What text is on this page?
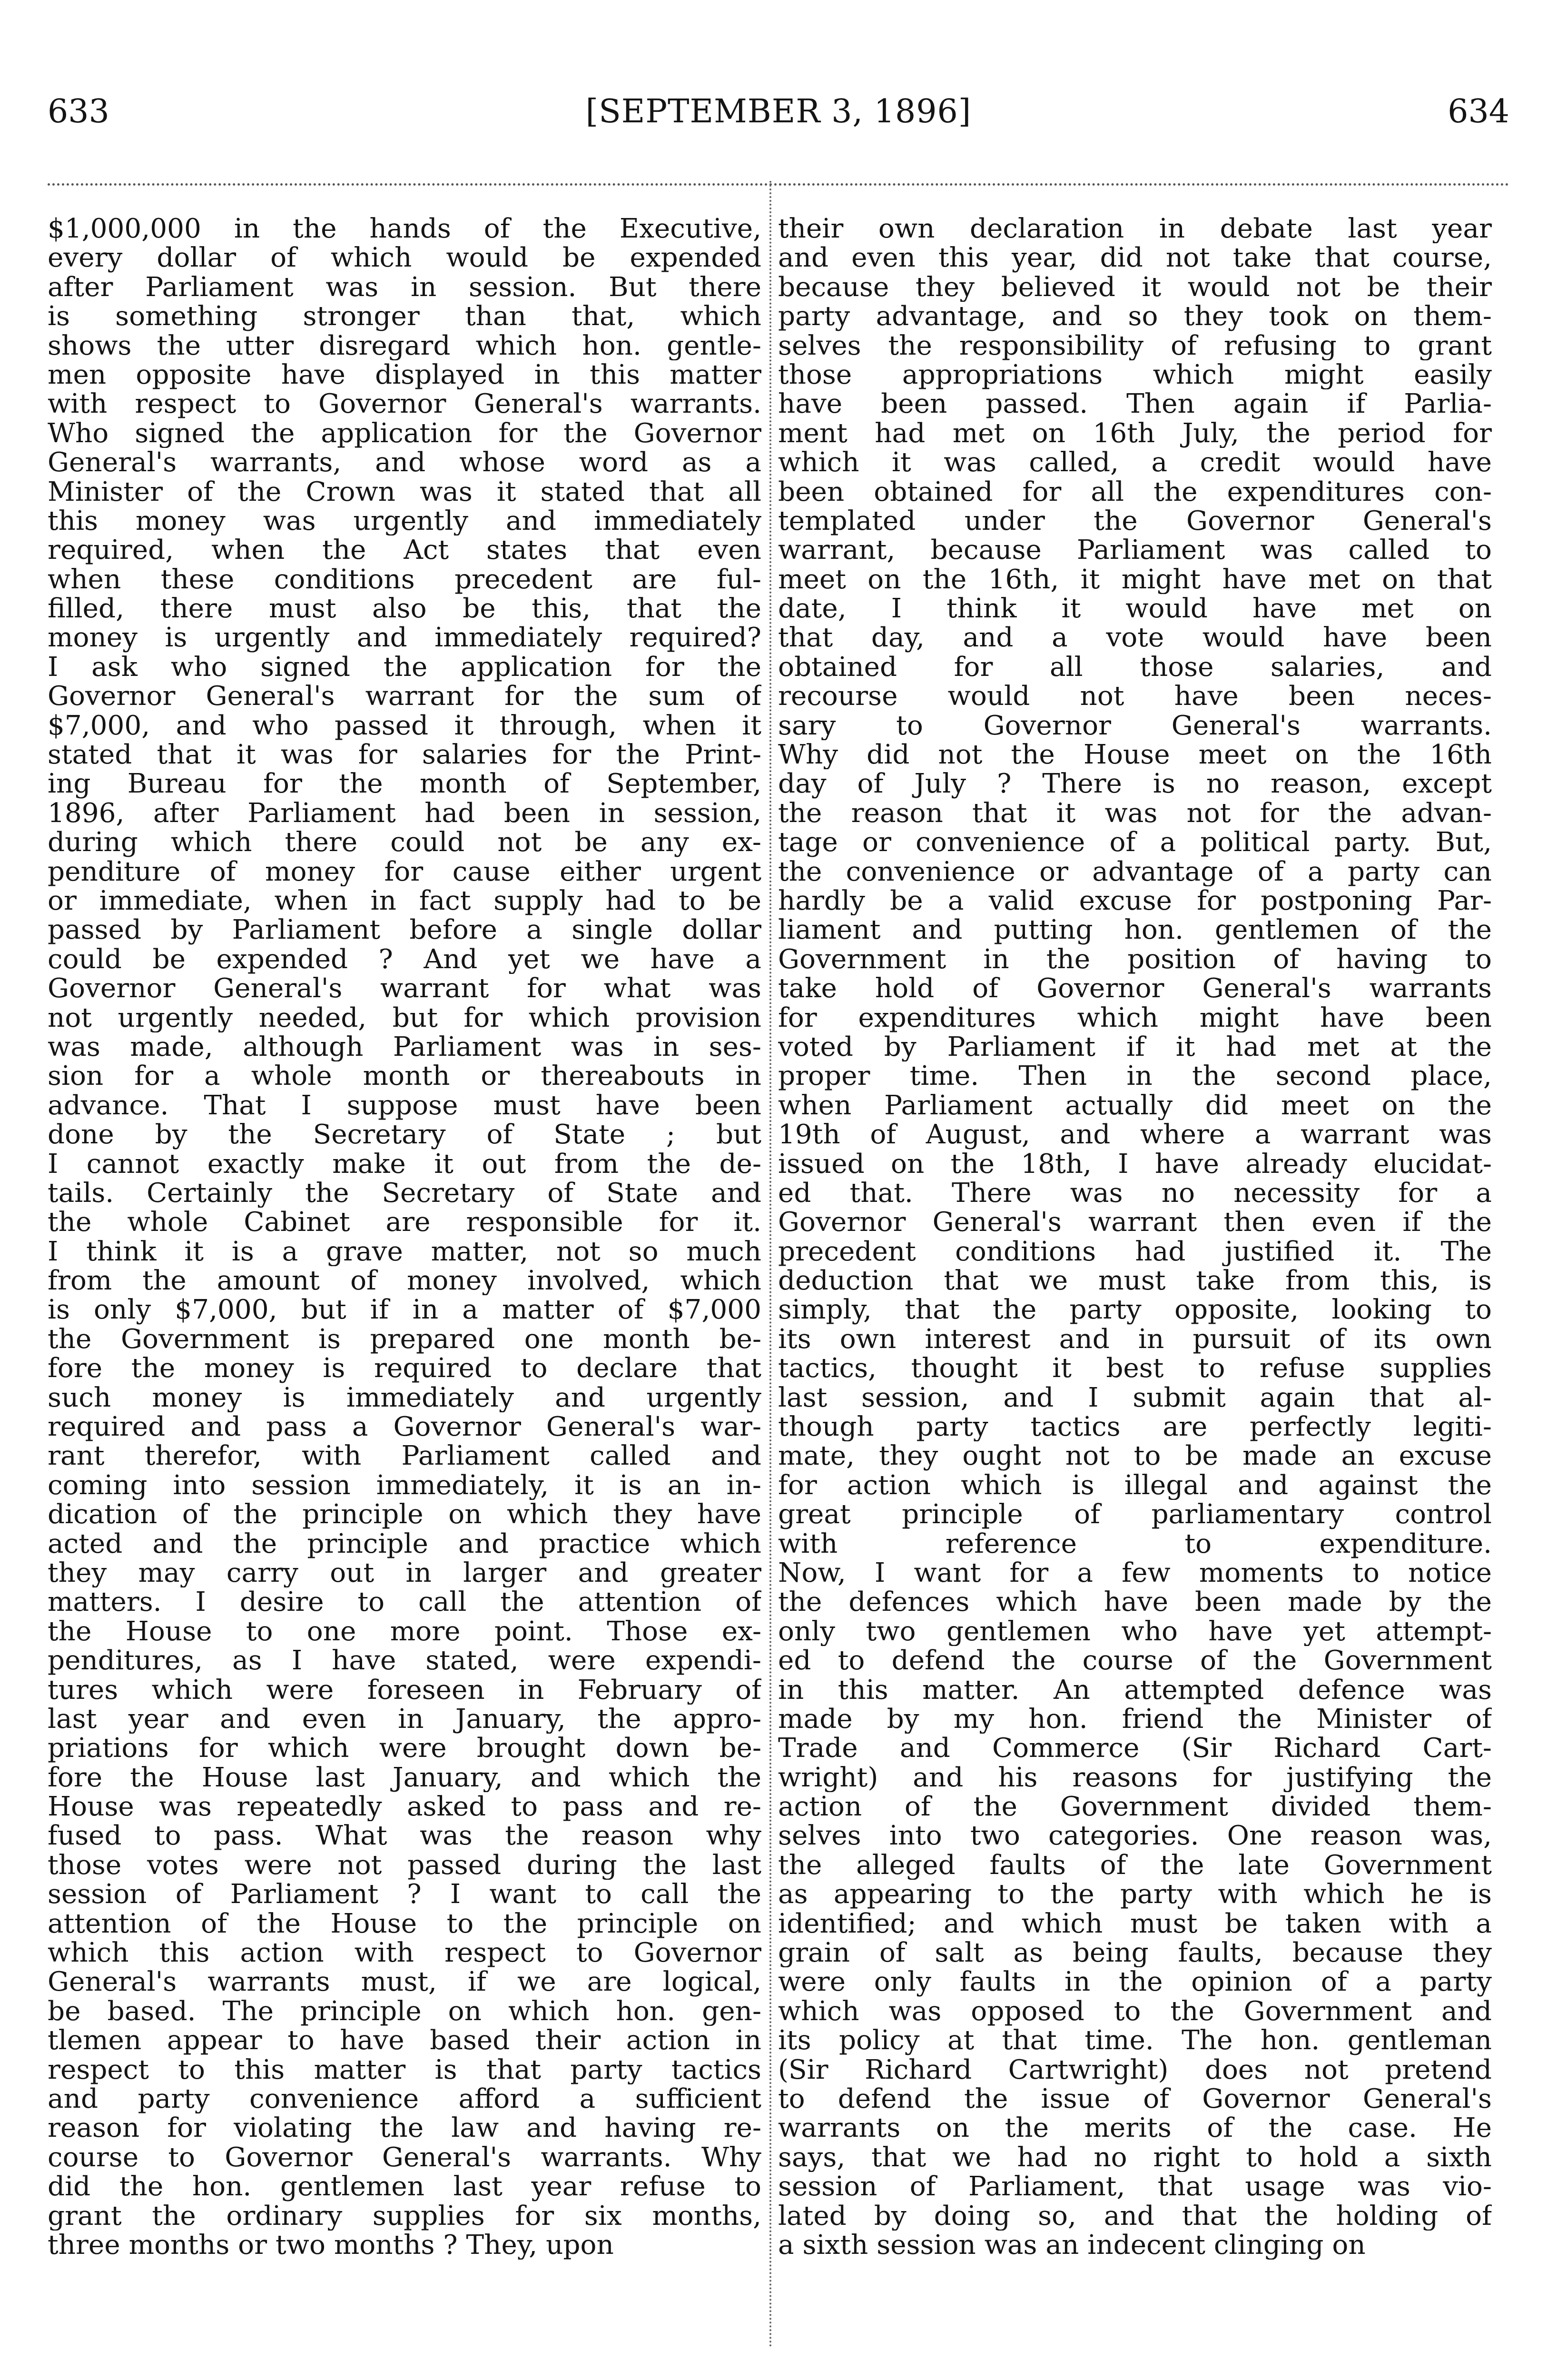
633	[SEPTEMBER 3, 1896]	634
$1,000,000 in the hands of the Executive,
every dollar of which would be expended
after Parliament was in session. But there
is something stronger than that, which
shows the utter disregard which hon. gentle-
men opposite have displayed in this matter
with respect to Governor General's warrants.
Who signed the application for the Governor
General's warrants, and whose word as a
Minister of the Crown was it stated that all
this money was urgently and immediately
required, when the Act states that even
when these conditions precedent are ful-
filled, there must also be this, that the
money is urgently and immediately required?
I ask who signed the application for the
Governor General's warrant for the sum of
$7,000, and who passed it through, when it
stated that it was for salaries for the Print-
ing Bureau for the month of September,
1896, after Parliament had been in session,
during which there could not be any ex-
penditure of money for cause either urgent
or immediate, when in fact supply had to be
passed by Parliament before a single dollar
could be expended ? And yet we have a
Governor General's warrant for what was
not urgently needed, but for which provision
was made, although Parliament was in ses-
sion for a whole month or thereabouts in
advance. That I suppose must have been
done by the Secretary of State ; but
I cannot exactly make it out from the de-
tails. Certainly the Secretary of State and
the whole Cabinet are responsible for it.
I think it is a grave matter, not so much
from the amount of money involved, which
is only $7,000, but if in a matter of $7,000
the Government is prepared one month be-
fore the money is required to declare that
such money is immediately and urgently
required and pass a Governor General's war-
rant therefor, with Parliament called and
coming into session immediately, it is an in-
dication of the principle on which they have
acted and the principle and practice which
they may carry out in larger and greater
matters. I desire to call the attention of
the House to one more point. Those ex-
penditures, as I have stated, were expendi-
tures which were foreseen in February of
last year and even in January, the appro-
priations for which were brought down be-
fore the House last January, and which the
House was repeatedly asked to pass and re-
fused to pass. What was the reason why
those votes were not passed during the last
session of Parliament ? I want to call the
attention of the House to the principle on
which this action with respect to Governor
General's warrants must, if we are logical,
be based. The principle on which hon. gen-
tlemen appear to have based their action in
respect to this matter is that party tactics
and party convenience afford a sufficient
reason for violating the law and having re-
course to Governor General's warrants. Why
did the hon. gentlemen last year refuse to
grant the ordinary supplies for six months,
three months or two months ? They, upon
their own declaration in debate last year
and even this year, did not take that course,
because they believed it would not be their
party advantage, and so they took on them-
selves the responsibility of refusing to grant
those appropriations which might easily
have been passed. Then again if Parlia-
ment had met on 16th July, the period for
which it was called, a credit would have
been obtained for all the expenditures con-
templated under the Governor General's
warrant, because Parliament was called to
meet on the 16th, it might have met on that
date, I think it would have met on
that day, and a vote would have been
obtained for all those salaries, and
recourse would not have been neces-
sary to Governor General's warrants.
Why did not the House meet on the 16th
day of July ? There is no reason, except
the reason that it was not for the advan-
tage or convenience of a political party. But,
the convenience or advantage of a party can
hardly be a valid excuse for postponing Par-
liament and putting hon. gentlemen of the
Government in the position of having to
take hold of Governor General's warrants
for expenditures which might have been
voted by Parliament if it had met at the
proper time. Then in the second place,
when Parliament actually did meet on the
19th of August, and where a warrant was
issued on the 18th, I have already elucidat-
ed that. There was no necessity for a
Governor General's warrant then even if the
precedent conditions had justified it. The
deduction that we must take from this, is
simply, that the party opposite, looking to
its own interest and in pursuit of its own
tactics, thought it best to refuse supplies
last session, and I submit again that al-
though party tactics are perfectly legiti-
mate, they ought not to be made an excuse
for action which is illegal and against the
great principle of parliamentary control
with reference to expenditure.
Now, I want for a few moments to notice
the defences which have been made by the
only two gentlemen who have yet attempt-
ed to defend the course of the Government
in this matter. An attempted defence was
made by my hon. friend the Minister of
Trade and Commerce (Sir Richard Cart-
wright) and his reasons for justifying the
action of the Government divided them-
selves into two categories. One reason was,
the alleged faults of the late Government
as appearing to the party with which he is
identified; and which must be taken with a
grain of salt as being faults, because they
were only faults in the opinion of a party
which was opposed to the Government and
its policy at that time. The hon. gentleman
(Sir Richard Cartwright) does not pretend
to defend the issue of Governor General's
warrants on the merits of the case. He
says, that we had no right to hold a sixth
session of Parliament, that usage was vio-
lated by doing so, and that the holding of
a sixth session was an indecent clinging on
